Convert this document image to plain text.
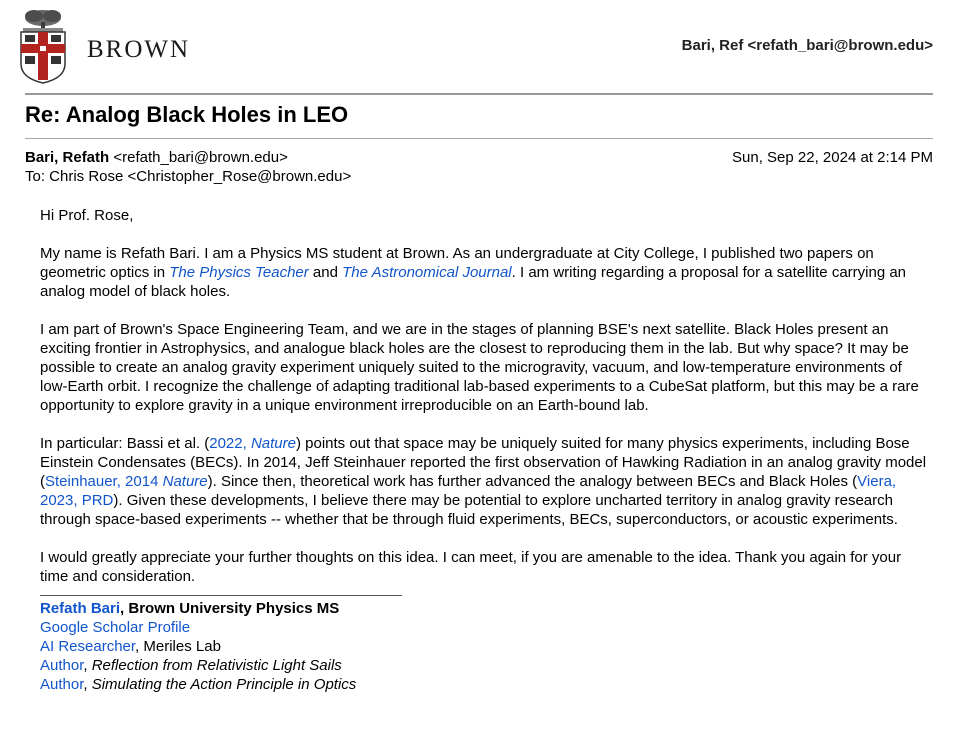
BROWN	Bari, Ref <refath_bari@brown.edu>
Re: Analog Black Holes in LEO
Bari, Refath <refath_bari@brown.edu>
To: Chris Rose <Christopher_Rose@brown.edu>
Sun, Sep 22, 2024 at 2:14 PM

Hi Prof. Rose,

My name is Refath Bari. I am a Physics MS student at Brown. As an undergraduate at City College, I published two papers on geometric optics in The Physics Teacher and The Astronomical Journal. I am writing regarding a proposal for a satellite carrying an analog model of black holes.

I am part of Brown's Space Engineering Team, and we are in the stages of planning BSE's next satellite. Black Holes present an exciting frontier in Astrophysics, and analogue black holes are the closest to reproducing them in the lab. But why space? It may be possible to create an analog gravity experiment uniquely suited to the microgravity, vacuum, and low-temperature environments of low-Earth orbit. I recognize the challenge of adapting traditional lab-based experiments to a CubeSat platform, but this may be a rare opportunity to explore gravity in a unique environment irreproducible on an Earth-bound lab.

In particular: Bassi et al. (2022, Nature) points out that space may be uniquely suited for many physics experiments, including Bose Einstein Condensates (BECs). In 2014, Jeff Steinhauer reported the first observation of Hawking Radiation in an analog gravity model (Steinhauer, 2014 Nature). Since then, theoretical work has further advanced the analogy between BECs and Black Holes (Viera, 2023, PRD). Given these developments, I believe there may be potential to explore uncharted territory in analog gravity research through space-based experiments -- whether that be through fluid experiments, BECs, superconductors, or acoustic experiments.

I would greatly appreciate your further thoughts on this idea. I can meet, if you are amenable to the idea. Thank you again for your time and consideration.

Refath Bari, Brown University Physics MS
Google Scholar Profile
AI Researcher, Meriles Lab
Author, Reflection from Relativistic Light Sails
Author, Simulating the Action Principle in Optics
